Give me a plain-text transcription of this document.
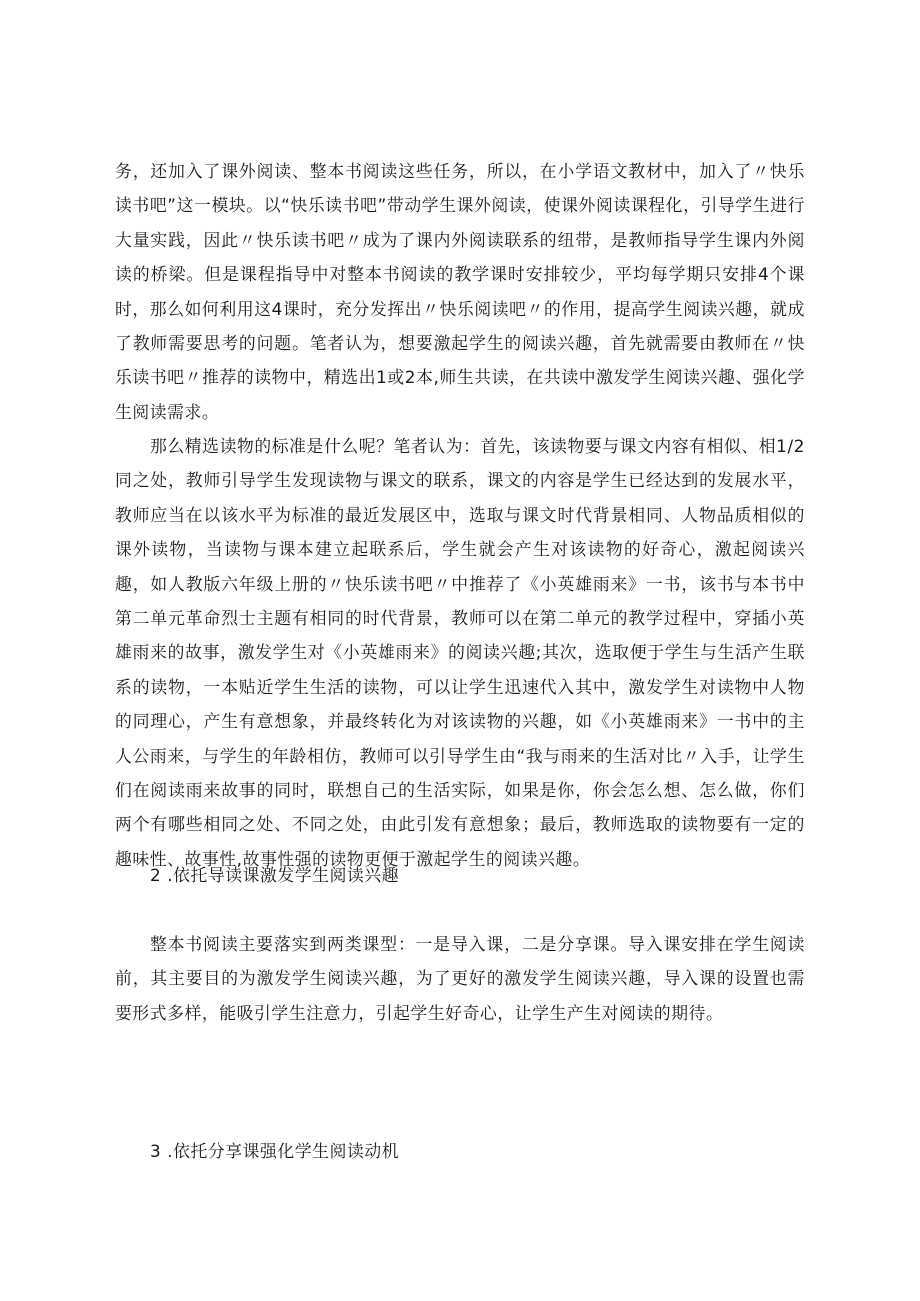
务，还加入了课外阅读、整本书阅读这些任务，所以，在小学语文教材中，加入了〃快乐读书吧”这一模块。以“快乐读书吧”带动学生课外阅读，使课外阅读课程化，引导学生进行大量实践，因此〃快乐读书吧〃成为了课内外阅读联系的纽带，是教师指导学生课内外阅读的桥梁。但是课程指导中对整本书阅读的教学课时安排较少，平均每学期只安排4个课时，那么如何利用这4课时，充分发挥出〃快乐阅读吧〃的作用，提高学生阅读兴趣，就成了教师需要思考的问题。笔者认为，想要激起学生的阅读兴趣，首先就需要由教师在〃快乐读书吧〃推荐的读物中，精选出1或2本,师生共读，在共读中激发学生阅读兴趣、强化学生阅读需求。

那么精选读物的标准是什么呢？笔者认为：首先，该读物要与课文内容有相似、相1/2同之处，教师引导学生发现读物与课文的联系，课文的内容是学生已经达到的发展水平，教师应当在以该水平为标准的最近发展区中，选取与课文时代背景相同、人物品质相似的课外读物，当读物与课本建立起联系后，学生就会产生对该读物的好奇心，激起阅读兴趣，如人教版六年级上册的〃快乐读书吧〃中推荐了《小英雄雨来》一书，该书与本书中第二单元革命烈士主题有相同的时代背景，教师可以在第二单元的教学过程中，穿插小英雄雨来的故事，激发学生对《小英雄雨来》的阅读兴趣;其次，选取便于学生与生活产生联系的读物，一本贴近学生生活的读物，可以让学生迅速代入其中，激发学生对读物中人物的同理心，产生有意想象，并最终转化为对该读物的兴趣，如《小英雄雨来》一书中的主人公雨来，与学生的年龄相仿，教师可以引导学生由“我与雨来的生活对比〃入手，让学生们在阅读雨来故事的同时，联想自己的生活实际，如果是你，你会怎么想、怎么做，你们两个有哪些相同之处、不同之处，由此引发有意想象；最后，教师选取的读物要有一定的趣味性、故事性,故事性强的读物更便于激起学生的阅读兴趣。

2 .依托导读课激发学生阅读兴趣

整本书阅读主要落实到两类课型：一是导入课，二是分享课。导入课安排在学生阅读前，其主要目的为激发学生阅读兴趣，为了更好的激发学生阅读兴趣，导入课的设置也需要形式多样，能吸引学生注意力，引起学生好奇心，让学生产生对阅读的期待。

3 .依托分享课强化学生阅读动机
